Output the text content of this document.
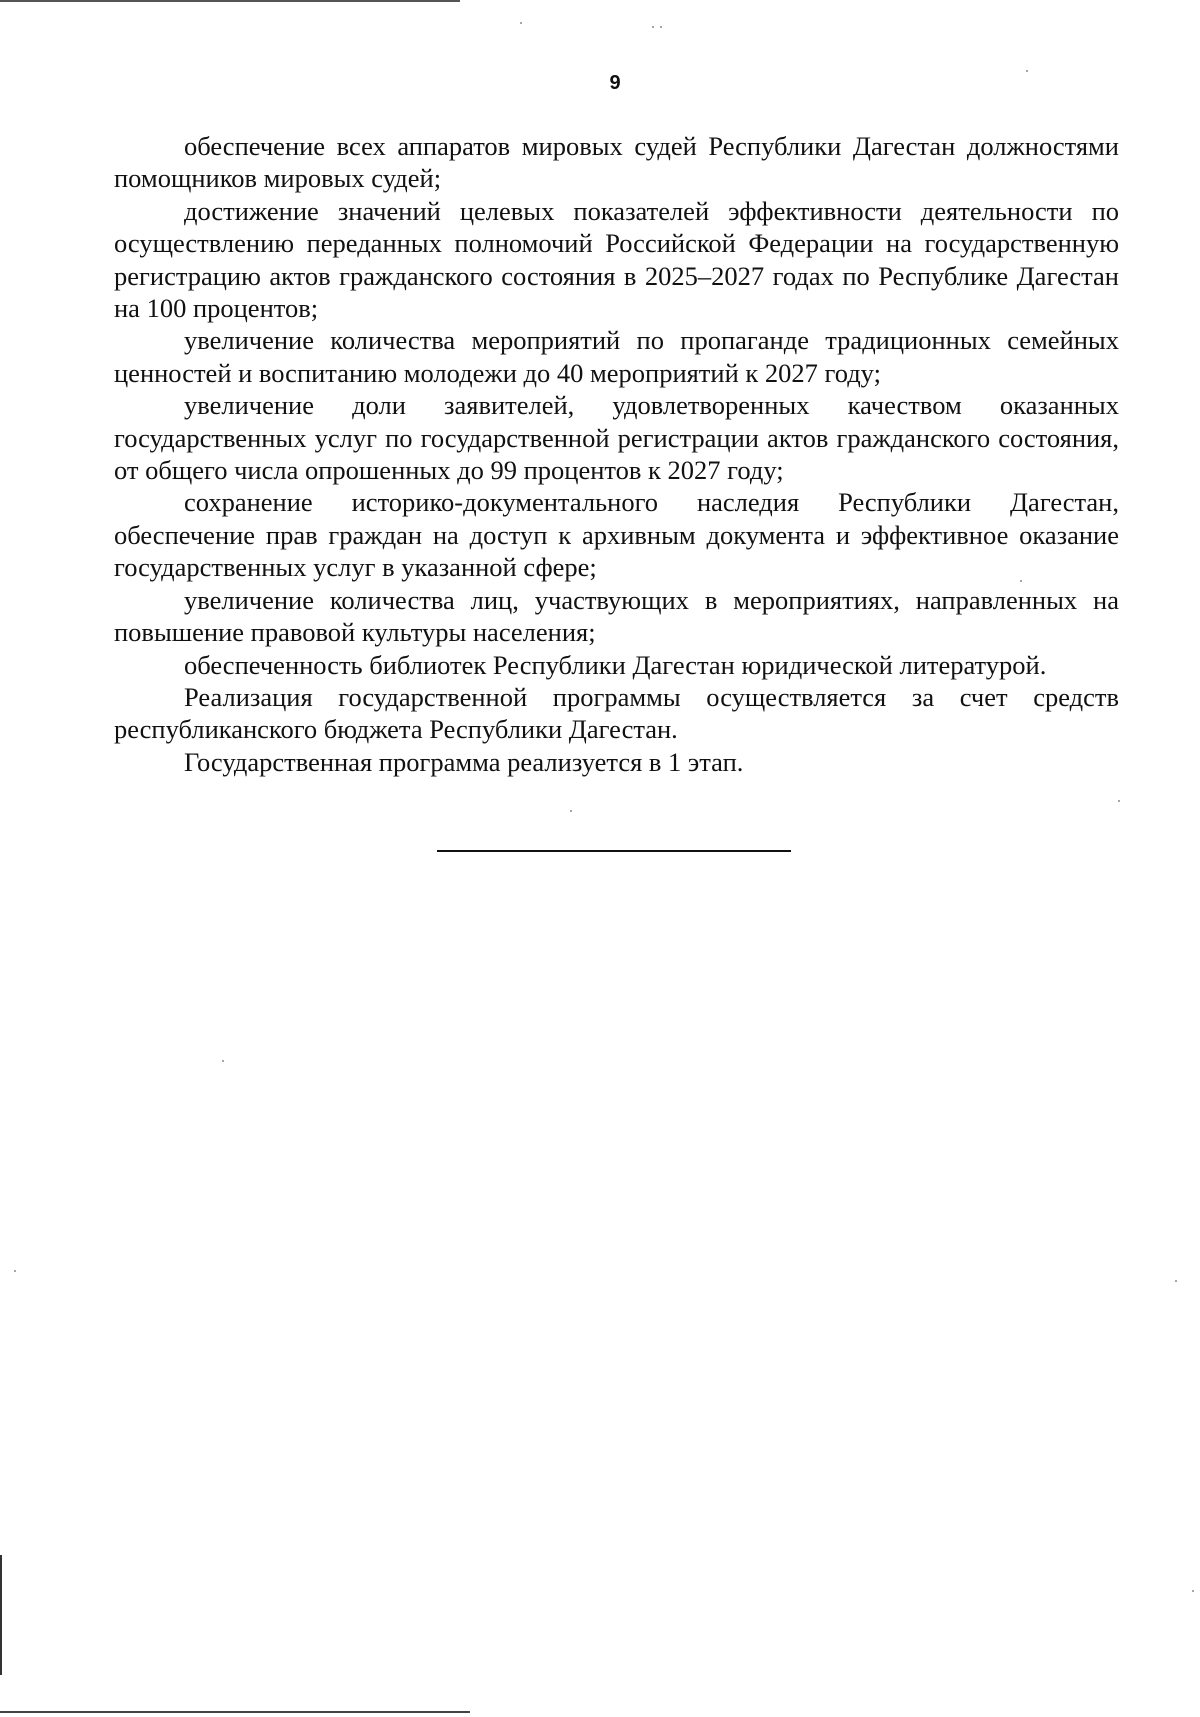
9

обеспечение всех аппаратов мировых судей Республики Дагестан должностями помощников мировых судей;

достижение значений целевых показателей эффективности деятельности по осуществлению переданных полномочий Российской Федерации на государственную регистрацию актов гражданского состояния в 2025–2027 годах по Республике Дагестан на 100 процентов;

увеличение количества мероприятий по пропаганде традиционных семейных ценностей и воспитанию молодежи до 40 мероприятий к 2027 году;

увеличение доли заявителей, удовлетворенных качеством оказанных государственных услуг по государственной регистрации актов гражданского состояния, от общего числа опрошенных до 99 процентов к 2027 году;

сохранение историко-документального наследия Республики Дагестан, обеспечение прав граждан на доступ к архивным документа и эффективное оказание государственных услуг в указанной сфере;

увеличение количества лиц, участвующих в мероприятиях, направленных на повышение правовой культуры населения;

обеспеченность библиотек Республики Дагестан юридической литературой.

Реализация государственной программы осуществляется за счет средств республиканского бюджета Республики Дагестан.

Государственная программа реализуется в 1 этап.
